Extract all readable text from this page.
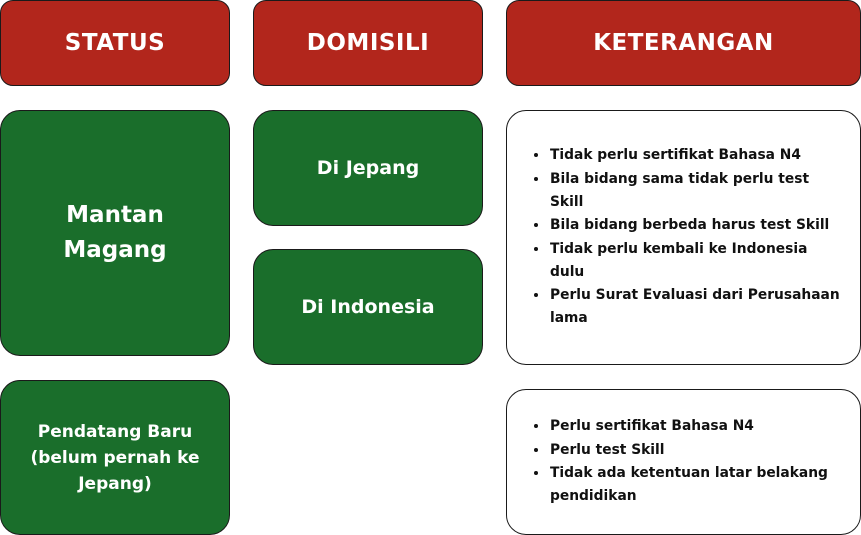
STATUS	DOMISILI	KETERANGAN
Mantan
Magang
Pendatang Baru
(belum pernah ke
Jepang)
Di Jepang
Di Indonesia
• Tidak perlu sertifikat Bahasa N4
• Bila bidang sama tidak perlu test Skill
• Bila bidang berbeda harus test Skill
• Tidak perlu kembali ke Indonesia dulu
• Perlu Surat Evaluasi dari Perusahaan lama
• Perlu sertifikat Bahasa N4
• Perlu test Skill
• Tidak ada ketentuan latar belakang pendidikan
